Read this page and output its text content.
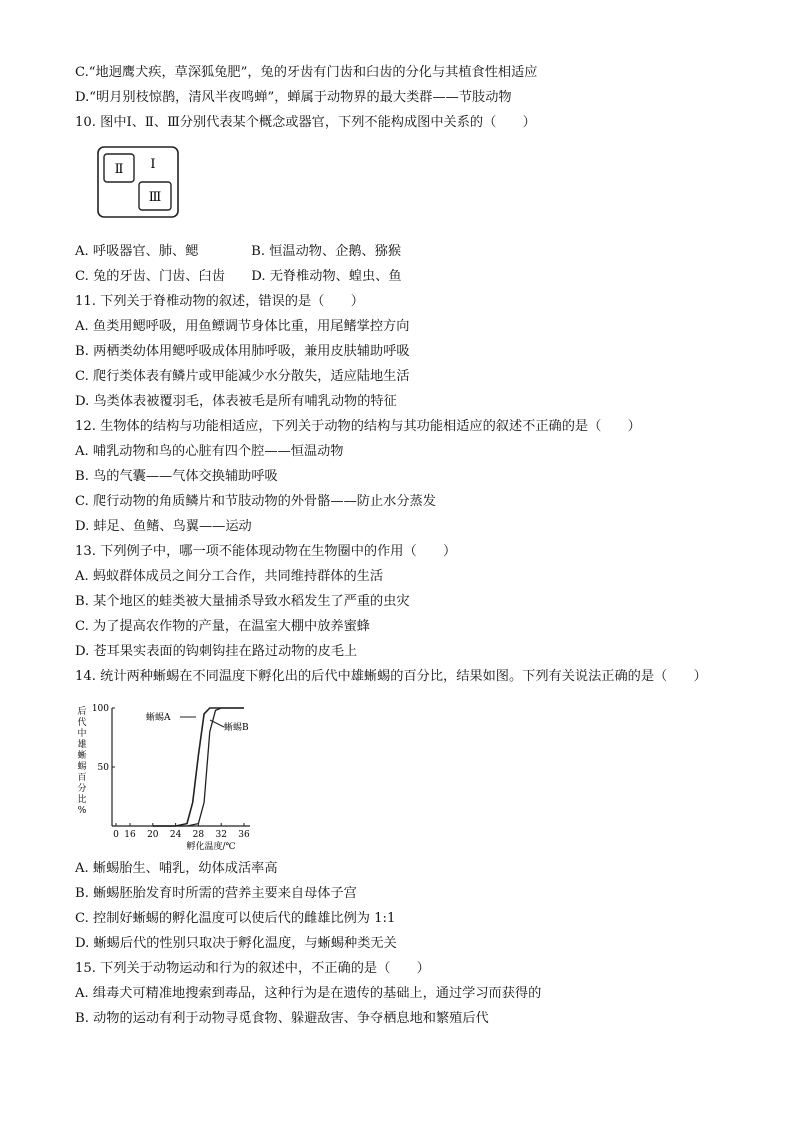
C.“地迥鹰犬疾，草深狐兔肥”，兔的牙齿有门齿和臼齿的分化与其植食性相适应
D.“明月别枝惊鹊，清风半夜鸣蝉”，蝉属于动物界的最大类群——节肢动物
10. 图中Ⅰ、Ⅱ、Ⅲ分别代表某个概念或器官，下列不能构成图中关系的（　　）
Ⅰ
Ⅱ
Ⅲ
A. 呼吸器官、肺、鳃　　　　B. 恒温动物、企鹅、猕猴
C. 兔的牙齿、门齿、臼齿　　D. 无脊椎动物、蝗虫、鱼
11. 下列关于脊椎动物的叙述，错误的是（　　）
A. 鱼类用鳃呼吸，用鱼鳔调节身体比重，用尾鳍掌控方向
B. 两栖类幼体用鳃呼吸成体用肺呼吸，兼用皮肤辅助呼吸
C. 爬行类体表有鳞片或甲能减少水分散失，适应陆地生活
D. 鸟类体表被覆羽毛，体表被毛是所有哺乳动物的特征
12. 生物体的结构与功能相适应，下列关于动物的结构与其功能相适应的叙述不正确的是（　　）
A. 哺乳动物和鸟的心脏有四个腔——恒温动物
B. 鸟的气囊——气体交换辅助呼吸
C. 爬行动物的角质鳞片和节肢动物的外骨骼——防止水分蒸发
D. 蚌足、鱼鳍、鸟翼——运动
13. 下列例子中，哪一项不能体现动物在生物圈中的作用（　　）
A. 蚂蚁群体成员之间分工合作，共同维持群体的生活
B. 某个地区的蛙类被大量捕杀导致水稻发生了严重的虫灾
C. 为了提高农作物的产量，在温室大棚中放养蜜蜂
D. 苍耳果实表面的钩刺钩挂在路过动物的皮毛上
14. 统计两种蜥蜴在不同温度下孵化出的后代中雄蜥蜴的百分比，结果如图。下列有关说法正确的是（　　）
0 16 20 24 28 32 36
50
100
孵化温度/℃
后
代
中
雄
蜥
蜴
百
分
比
%
蜥蜴A
蜥蜴B
A. 蜥蜴胎生、哺乳，幼体成活率高
B. 蜥蜴胚胎发育时所需的营养主要来自母体子宫
C. 控制好蜥蜴的孵化温度可以使后代的雌雄比例为 1:1
D. 蜥蜴后代的性别只取决于孵化温度，与蜥蜴种类无关
15. 下列关于动物运动和行为的叙述中，不正确的是（　　）
A. 缉毒犬可精准地搜索到毒品，这种行为是在遗传的基础上，通过学习而获得的
B. 动物的运动有利于动物寻觅食物、躲避敌害、争夺栖息地和繁殖后代
